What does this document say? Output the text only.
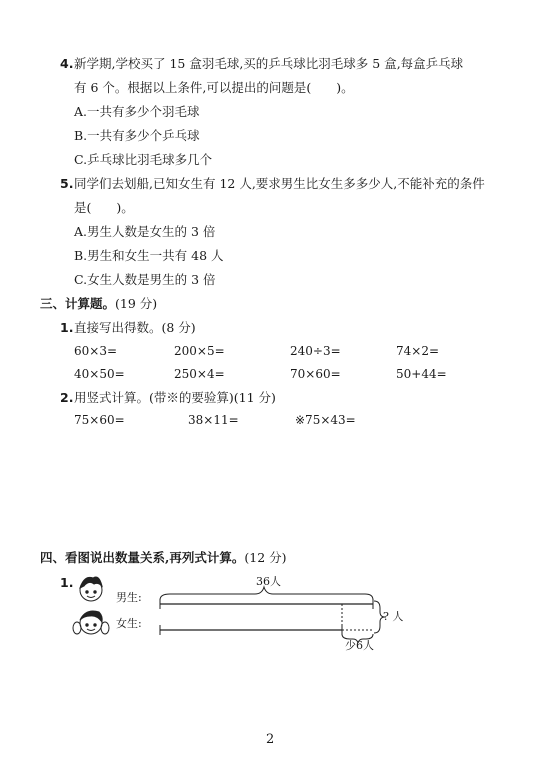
4. 新学期,学校买了 15 盒羽毛球,买的乒乓球比羽毛球多 5 盒,每盒乒乓球
有 6 个。根据以上条件,可以提出的问题是(　　)。
A.一共有多少个羽毛球
B.一共有多少个乒乓球
C.乒乓球比羽毛球多几个
5. 同学们去划船,已知女生有 12 人,要求男生比女生多多少人,不能补充的条件
是(　　)。
A.男生人数是女生的 3 倍
B.男生和女生一共有 48 人
C.女生人数是男生的 3 倍
三、计算题。(19 分)
1. 直接写出得数。(8 分)
60×3=	200×5=	240÷3=	74×2=
40×50=	250×4=	70×60=	50+44=
2. 用竖式计算。(带※的要验算)(11 分)
75×60=	38×11=	※75×43=
四、看图说出数量关系,再列式计算。(12 分)
1.
男生:
女生:
36人
? 人
少6人
2
